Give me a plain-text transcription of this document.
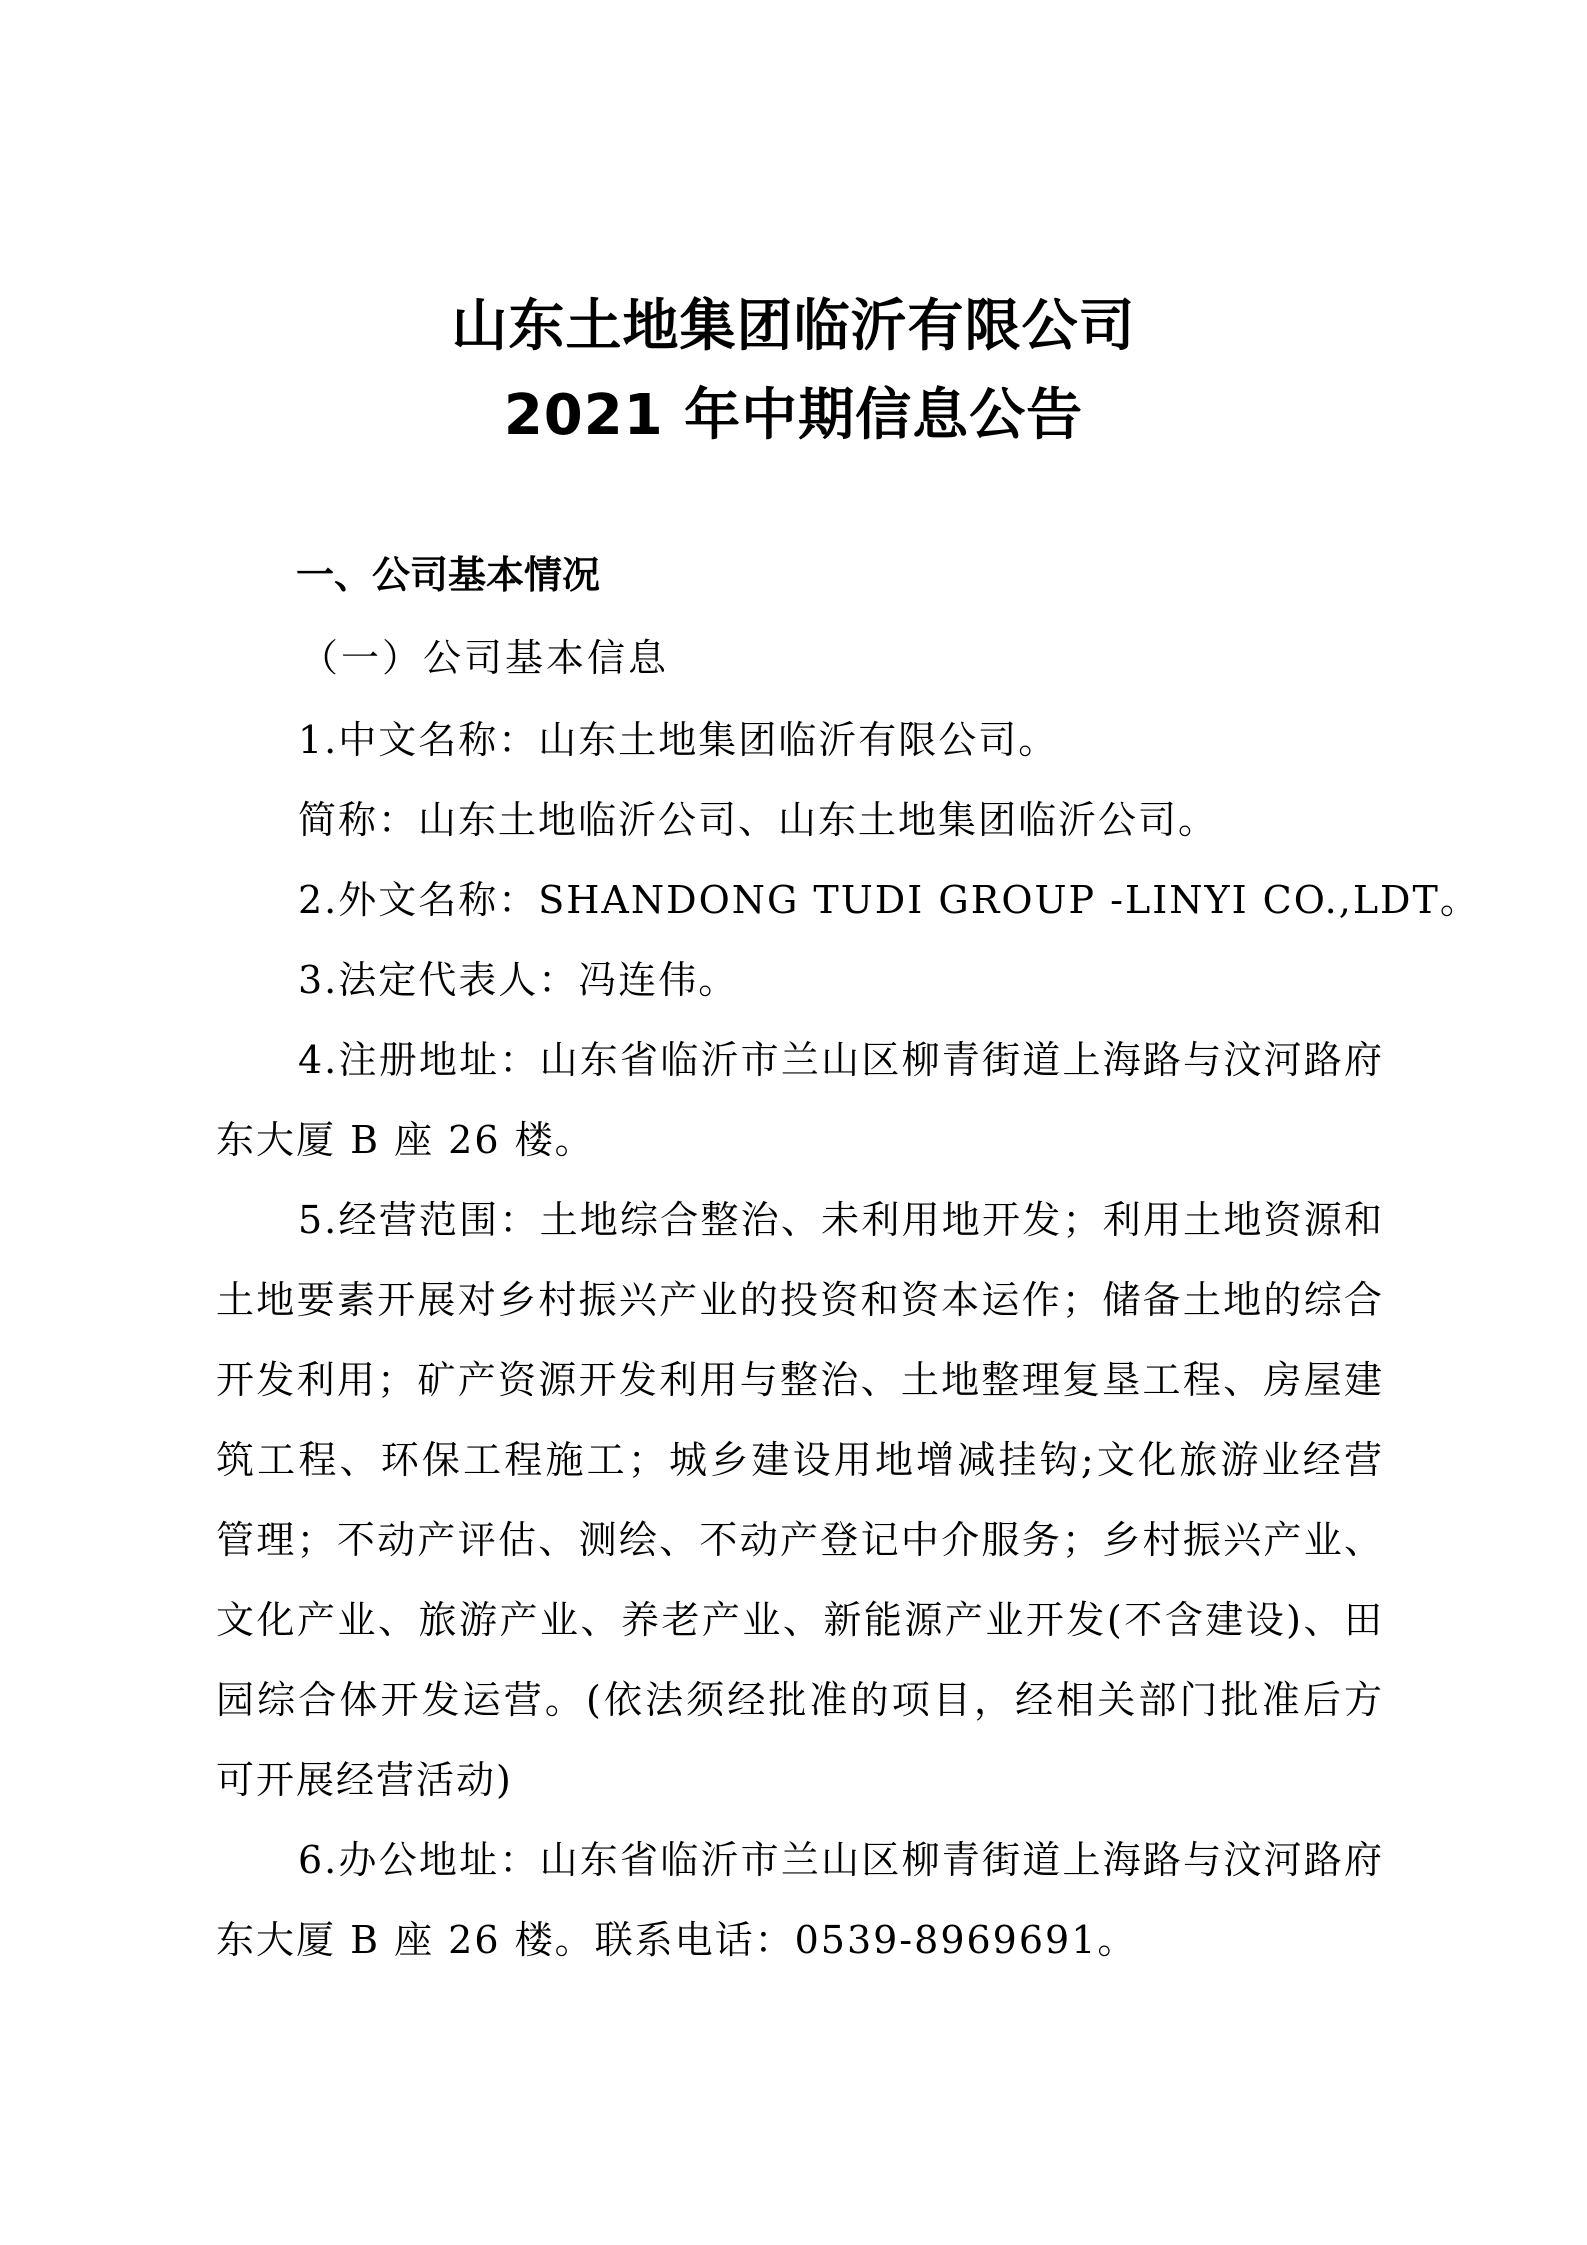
山东土地集团临沂有限公司
2021 年中期信息公告
一、公司基本情况
（一）公司基本信息

1.中文名称：山东土地集团临沂有限公司。

简称：山东土地临沂公司、山东土地集团临沂公司。

2.外文名称：SHANDONG TUDI GROUP -LINYI CO.,LDT。

3.法定代表人：冯连伟。

4.注册地址：山东省临沂市兰山区柳青街道上海路与汶河路府东大厦 B 座 26 楼。

5.经营范围：土地综合整治、未利用地开发；利用土地资源和土地要素开展对乡村振兴产业的投资和资本运作；储备土地的综合开发利用；矿产资源开发利用与整治、土地整理复垦工程、房屋建筑工程、环保工程施工；城乡建设用地增减挂钩;文化旅游业经营管理；不动产评估、测绘、不动产登记中介服务；乡村振兴产业、文化产业、旅游产业、养老产业、新能源产业开发(不含建设)、田园综合体开发运营。(依法须经批准的项目，经相关部门批准后方可开展经营活动)

6.办公地址：山东省临沂市兰山区柳青街道上海路与汶河路府东大厦 B 座 26 楼。联系电话：0539-8969691。
